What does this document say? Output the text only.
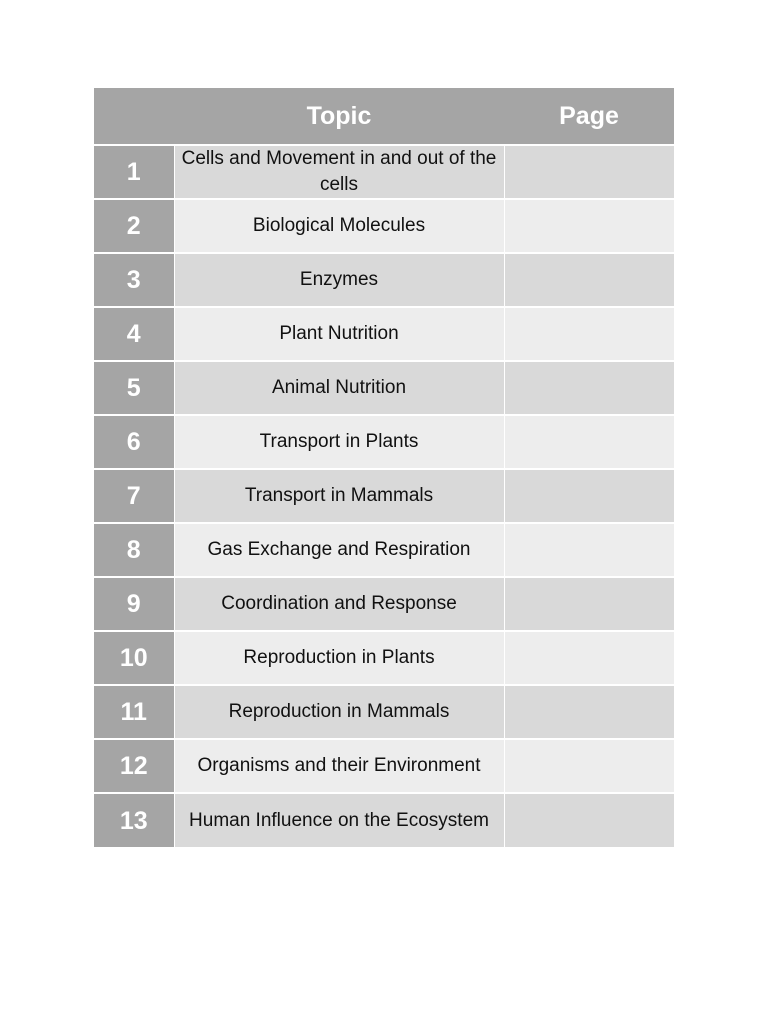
	Topic	Page
1	Cells and Movement in and out of the cells	
2	Biological Molecules	
3	Enzymes	
4	Plant Nutrition	
5	Animal Nutrition	
6	Transport in Plants	
7	Transport in Mammals	
8	Gas Exchange and Respiration	
9	Coordination and Response	
10	Reproduction in Plants	
11	Reproduction in Mammals	
12	Organisms and their Environment	
13	Human Influence on the Ecosystem	
